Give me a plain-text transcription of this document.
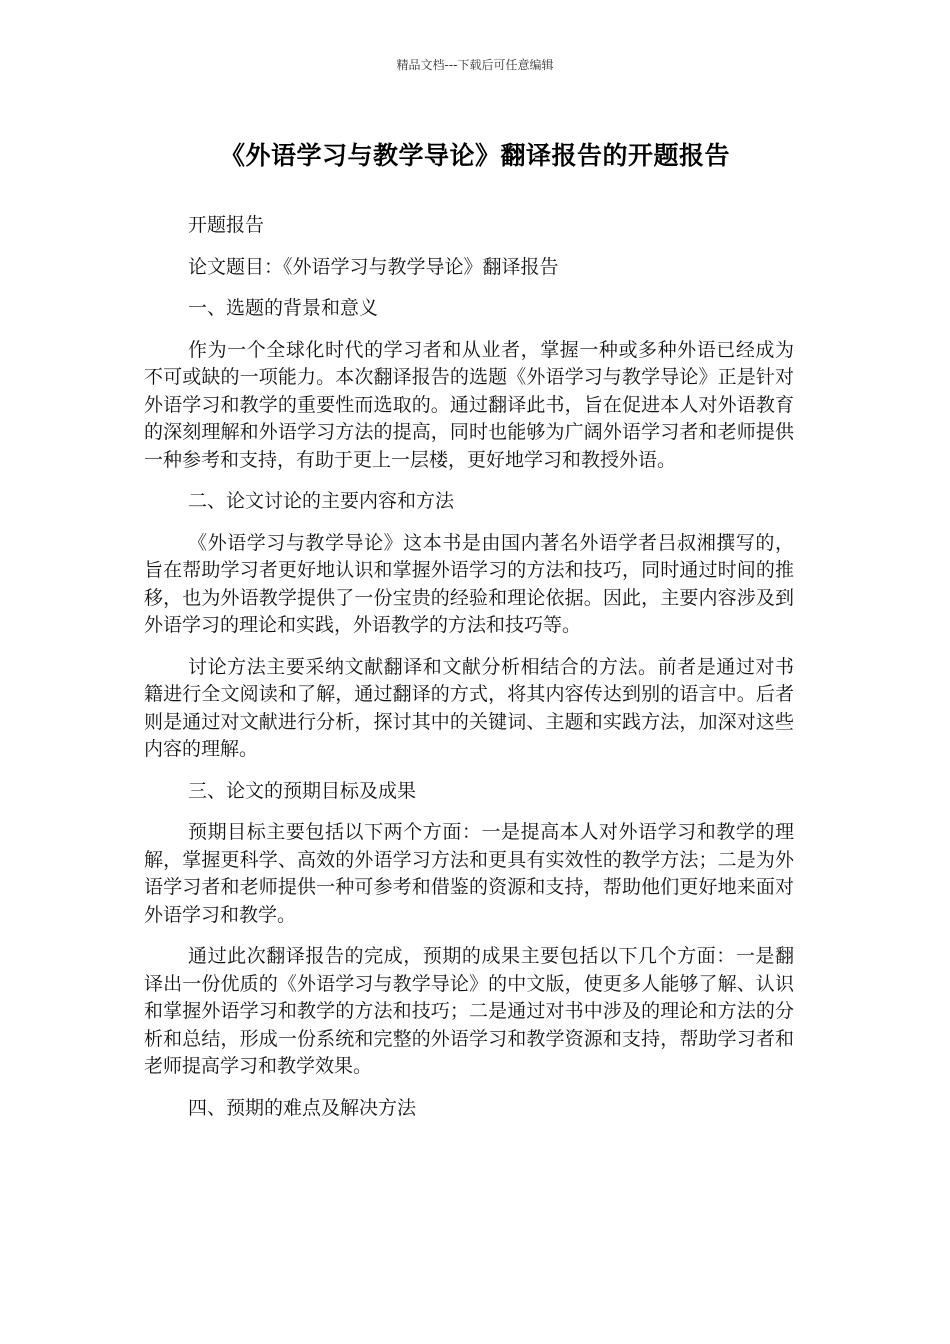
精品文档---下载后可任意编辑
《外语学习与教学导论》翻译报告的开题报告
开题报告
论文题目：《外语学习与教学导论》翻译报告
一、选题的背景和意义
作为一个全球化时代的学习者和从业者，掌握一种或多种外语已经成为不可或缺的一项能力。本次翻译报告的选题《外语学习与教学导论》正是针对外语学习和教学的重要性而选取的。通过翻译此书，旨在促进本人对外语教育的深刻理解和外语学习方法的提高，同时也能够为广阔外语学习者和老师提供一种参考和支持，有助于更上一层楼，更好地学习和教授外语。
二、论文讨论的主要内容和方法
《外语学习与教学导论》这本书是由国内著名外语学者吕叔湘撰写的，旨在帮助学习者更好地认识和掌握外语学习的方法和技巧，同时通过时间的推移，也为外语教学提供了一份宝贵的经验和理论依据。因此，主要内容涉及到外语学习的理论和实践，外语教学的方法和技巧等。
讨论方法主要采纳文献翻译和文献分析相结合的方法。前者是通过对书籍进行全文阅读和了解，通过翻译的方式，将其内容传达到别的语言中。后者则是通过对文献进行分析，探讨其中的关键词、主题和实践方法，加深对这些内容的理解。
三、论文的预期目标及成果
预期目标主要包括以下两个方面：一是提高本人对外语学习和教学的理解，掌握更科学、高效的外语学习方法和更具有实效性的教学方法；二是为外语学习者和老师提供一种可参考和借鉴的资源和支持，帮助他们更好地来面对外语学习和教学。
通过此次翻译报告的完成，预期的成果主要包括以下几个方面：一是翻译出一份优质的《外语学习与教学导论》的中文版，使更多人能够了解、认识和掌握外语学习和教学的方法和技巧；二是通过对书中涉及的理论和方法的分析和总结，形成一份系统和完整的外语学习和教学资源和支持，帮助学习者和老师提高学习和教学效果。
四、预期的难点及解决方法
